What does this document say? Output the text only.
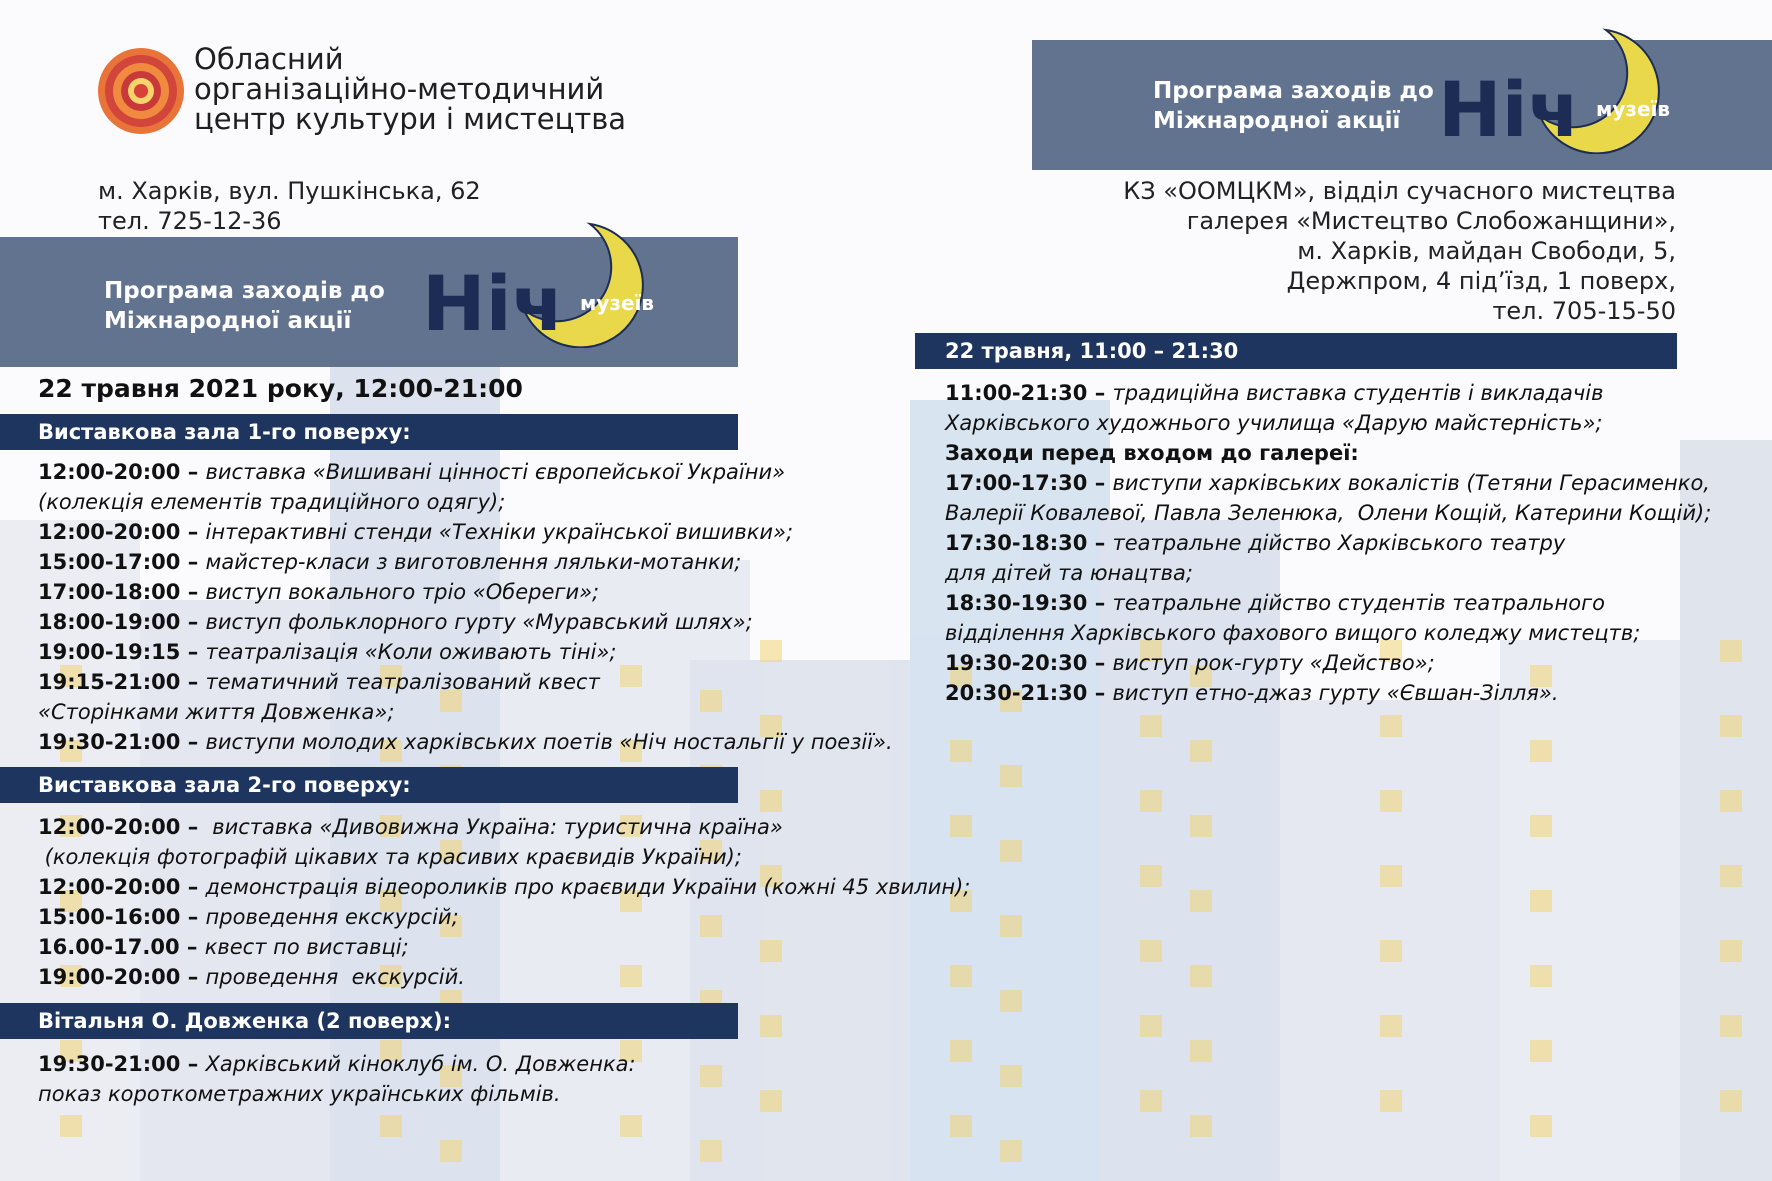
Обласний
організаційно-методичний
центр культури і мистецтва
м. Харків, вул. Пушкінська, 62
тел. 725-12-36
Програма заходів до
Міжнародної акції Ніч музеїв
22 травня 2021 року, 12:00-21:00
Виставкова зала 1-го поверху:
12:00-20:00 – виставка «Вишивані цінності європейської України»
(колекція елементів традиційного одягу);
12:00-20:00 – інтерактивні стенди «Техніки української вишивки»;
15:00-17:00 – майстер-класи з виготовлення ляльки-мотанки;
17:00-18:00 – виступ вокального тріо «Обереги»;
18:00-19:00 – виступ фольклорного гурту «Муравський шлях»;
19:00-19:15 – театралізація «Коли оживають тіні»;
19:15-21:00 – тематичний театралізований квест
«Сторінками життя Довженка»;
19:30-21:00 – виступи молодих харківських поетів «Ніч ностальгії у поезії».
Виставкова зала 2-го поверху:
12:00-20:00 –  виставка «Дивовижна Україна: туристична країна»
(колекція фотографій цікавих та красивих краєвидів України);
12:00-20:00 – демонстрація відеороликів про краєвиди України (кожні 45 хвилин);
15:00-16:00 – проведення екскурсій;
16.00-17.00 – квест по виставці;
19:00-20:00 – проведення  екскурсій.
Вітальня О. Довженка (2 поверх):
19:30-21:00 – Харківський кіноклуб ім. О. Довженка:
показ короткометражних українських фільмів.
Програма заходів до
Міжнародної акції Ніч музеїв
КЗ «ООМЦКМ», відділ сучасного мистецтва
галерея «Мистецтво Слобожанщини»,
м. Харків, майдан Свободи, 5,
Держпром, 4 під’їзд, 1 поверх,
тел. 705-15-50
22 травня, 11:00 – 21:30
11:00-21:30 – традиційна виставка студентів і викладачів
Харківського художнього училища «Дарую майстерність»;
Заходи перед входом до галереї:
17:00-17:30 – виступи харківських вокалістів (Тетяни Герасименко,
Валерії Ковалевої, Павла Зеленюка,  Олени Кощій, Катерини Кощій);
17:30-18:30 – театральне дійство Харківського театру
для дітей та юнацтва;
18:30-19:30 – театральне дійство студентів театрального
відділення Харківського фахового вищого коледжу мистецтв;
19:30-20:30 – виступ рок-гурту «Действо»;
20:30-21:30 – виступ етно-джаз гурту «Євшан-Зілля».
